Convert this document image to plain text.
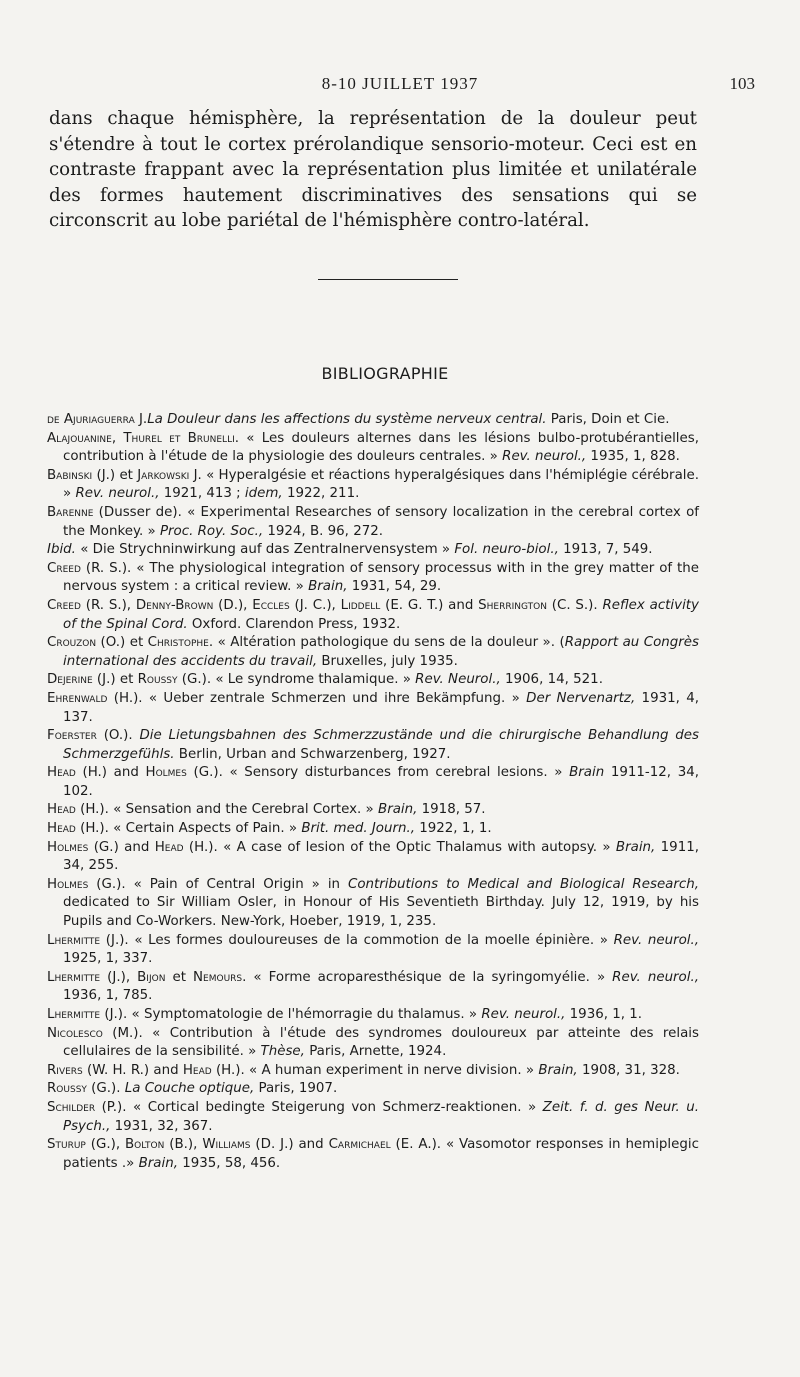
8-10 JUILLET 1937	103

dans chaque hémisphère, la représentation de la douleur peut s'étendre à tout le cortex prérolandique sensorio-moteur. Ceci est en contraste frappant avec la représentation plus limitée et unilatérale des formes hautement discriminatives des sensations qui se circonscrit au lobe pariétal de l'hémisphère contro-latéral.

BIBLIOGRAPHIE

de Ajuriaguerra J.La Douleur dans les affections du système nerveux central. Paris, Doin et Cie.

Alajouanine, Thurel et Brunelli. « Les douleurs alternes dans les lésions bulbo-protubérantielles, contribution à l'étude de la physiologie des douleurs centrales. » Rev. neurol., 1935, 1, 828.

Babinski (J.) et Jarkowski J. « Hyperalgésie et réactions hyperalgésiques dans l'hémiplégie cérébrale. » Rev. neurol., 1921, 413 ; idem, 1922, 211.

Barenne (Dusser de). « Experimental Researches of sensory localization in the cerebral cortex of the Monkey. » Proc. Roy. Soc., 1924, B. 96, 272.

Ibid. « Die Strychninwirkung auf das Zentralnervensystem » Fol. neuro-biol., 1913, 7, 549.

Creed (R. S.). « The physiological integration of sensory processus with in the grey matter of the nervous system : a critical review. » Brain, 1931, 54, 29.

Creed (R. S.), Denny-Brown (D.), Eccles (J. C.), Liddell (E. G. T.) and Sherrington (C. S.). Reflex activity of the Spinal Cord. Oxford. Clarendon Press, 1932.

Crouzon (O.) et Christophe. « Altération pathologique du sens de la douleur ». (Rapport au Congrès international des accidents du travail, Bruxelles, july 1935.

Dejerine (J.) et Roussy (G.). « Le syndrome thalamique. » Rev. Neurol., 1906, 14, 521.

Ehrenwald (H.). « Ueber zentrale Schmerzen und ihre Bekämpfung. » Der Nervenartz, 1931, 4, 137.

Foerster (O.). Die Lietungsbahnen des Schmerzzustände und die chirurgische Behandlung des Schmerzgefühls. Berlin, Urban and Schwarzenberg, 1927.

Head (H.) and Holmes (G.). « Sensory disturbances from cerebral lesions. » Brain 1911-12, 34, 102.

Head (H.). « Sensation and the Cerebral Cortex. » Brain, 1918, 57.

Head (H.). « Certain Aspects of Pain. » Brit. med. Journ., 1922, 1, 1.

Holmes (G.) and Head (H.). « A case of lesion of the Optic Thalamus with autopsy. » Brain, 1911, 34, 255.

Holmes (G.). « Pain of Central Origin » in Contributions to Medical and Biological Research, dedicated to Sir William Osler, in Honour of His Seventieth Birthday. July 12, 1919, by his Pupils and Co-Workers. New-York, Hoeber, 1919, 1, 235.

Lhermitte (J.). « Les formes douloureuses de la commotion de la moelle épinière. » Rev. neurol., 1925, 1, 337.

Lhermitte (J.), Bijon et Nemours. « Forme acroparesthésique de la syringomyélie. » Rev. neurol., 1936, 1, 785.

Lhermitte (J.). « Symptomatologie de l'hémorragie du thalamus. » Rev. neurol., 1936, 1, 1.

Nicolesco (M.). « Contribution à l'étude des syndromes douloureux par atteinte des relais cellulaires de la sensibilité. » Thèse, Paris, Arnette, 1924.

Rivers (W. H. R.) and Head (H.). « A human experiment in nerve division. » Brain, 1908, 31, 328.

Roussy (G.). La Couche optique, Paris, 1907.

Schilder (P.). « Cortical bedingte Steigerung von Schmerz-reaktionen. » Zeit. f. d. ges Neur. u. Psych., 1931, 32, 367.

Sturup (G.), Bolton (B.), Williams (D. J.) and Carmichael (E. A.). « Vasomotor responses in hemiplegic patients .» Brain, 1935, 58, 456.
